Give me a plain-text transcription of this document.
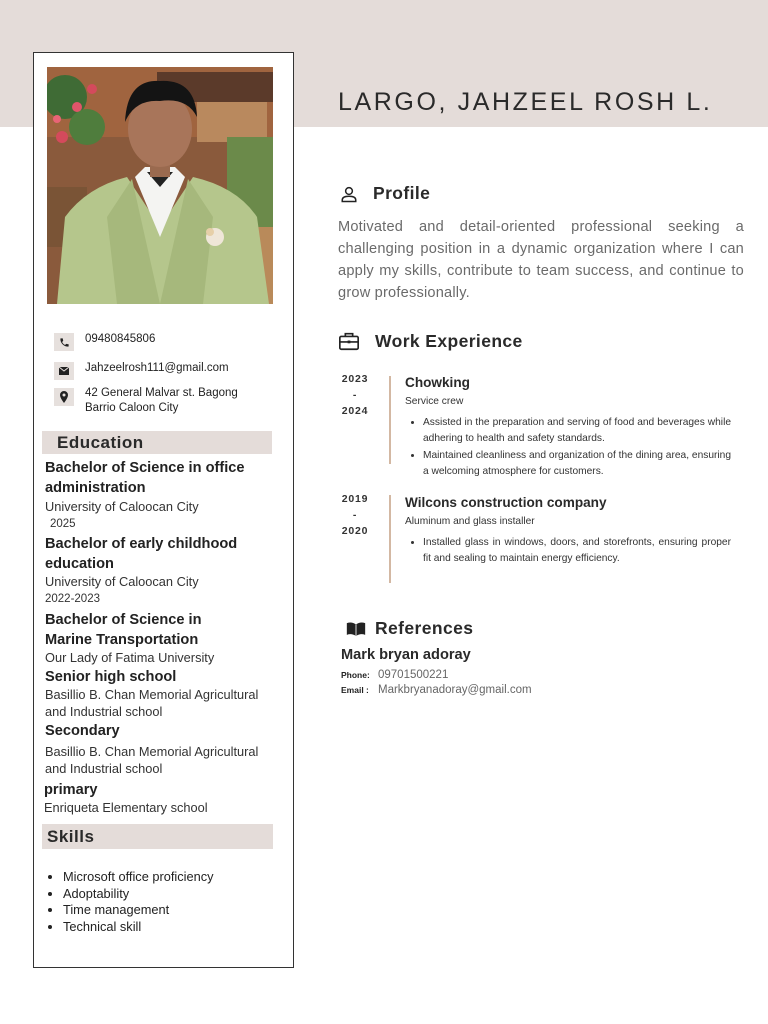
LARGO, JAHZEEL ROSH L.
09480845806
Jahzeelrosh111@gmail.com
42 General Malvar st. Bagong Barrio Caloon City
Education
Bachelor of Science in office administration
University of Caloocan City
2025
Bachelor of early childhood education
University of Caloocan City
2022-2023
Bachelor of Science in Marine Transportation
Our Lady of Fatima University
Senior high school
Basillio B. Chan Memorial Agricultural and Industrial school
Secondary
Basillio B. Chan Memorial Agricultural and Industrial school
primary
Enriqueta Elementary school
Skills
• Microsoft office proficiency
• Adoptability
• Time management
• Technical skill
Profile

Motivated and detail-oriented professional seeking a challenging position in a dynamic organization where I can apply my skills, contribute to team success, and continue to grow professionally.

Work Experience
2023
-
2024
Chowking
Service crew
• Assisted in the preparation and serving of food and beverages while adhering to health and safety standards.
• Maintained cleanliness and organization of the dining area, ensuring a welcoming atmosphere for customers.
2019
-
2020
Wilcons construction company
Aluminum and glass installer
• Installed glass in windows, doors, and storefronts, ensuring proper fit and sealing to maintain energy efficiency.
References
Mark bryan adoray
Phone: 09701500221
Email : Markbryanadoray@gmail.com
